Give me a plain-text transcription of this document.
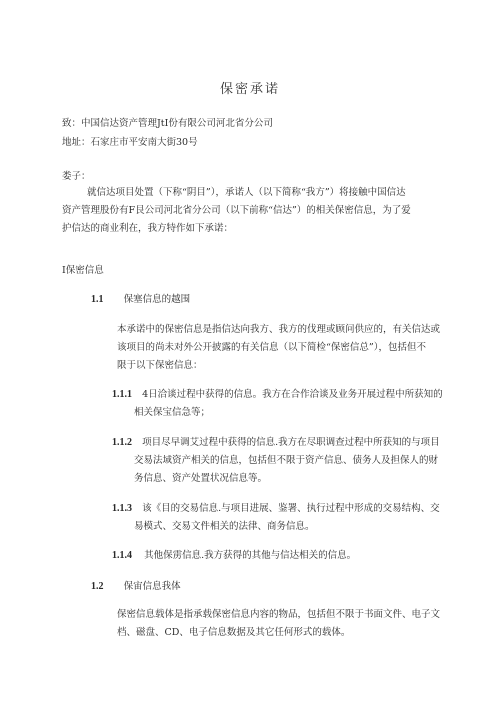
保密承诺
致：中国信达资产管理JtI份有限公司河北省分公司
地址：石家庄市平安南大街30号
娄子：
就信达项目处置（下称“阴目”），承诺人（以下简称“我方”）将接触中国信达
资产管理股份有F艮公司河北省分公司（以下前称“信达”）的相关保密信息，为了爱
护信达的商业利在，我方特作如下承诺：
I保密信息
1.1 保塞信息的越围
本承诺中的保密信息是指信达向我方、我方的伐理或顾问供应的，有关信达或
该项目的尚未对外公开披露的有关信息（以下简检“保密信总”），包括但不
限于以下保密信息：
1.1.1 4日洽谈过程中获得的信息。我方在合作洽谈及业务开展过程中所获知的
相关保宝信急等；
1.1.2 项目尽早调艾过程中获得的信息.我方在尽职调查过程中所获知的与项目
交易法域资产相关的信息，包括但不限于资产信息、债务人及担保人的财
务信息、资产处置状况信息等。
1.1.3 该《目的交易信息.与项目进展、鉴署、执行过程中形成的交易结构、交
易模式、交易文件相关的法律、商务信息。
1.1.4 其他保雳信息.我方获得的其他与信达相关的信息。
1.2 保宙信息我体
保密信息载体是指承载保密信息内容的物品，包括但不限于书面文件、电子文
档、磁盘、CD、电子信息数据及其它任何形式的载体。
